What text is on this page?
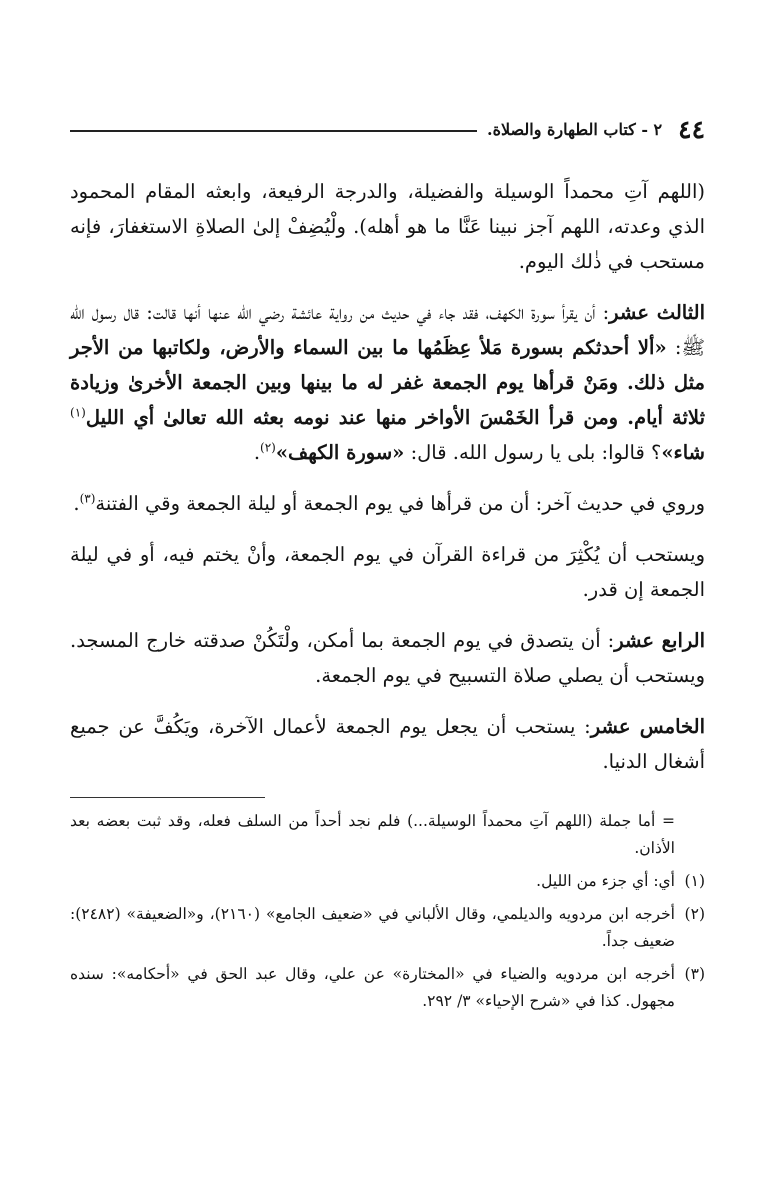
٤٤
٢ - كتاب الطهارة والصلاة.

(اللهم آتِ محمداً الوسيلة والفضيلة، والدرجة الرفيعة، وابعثه المقام المحمود الذي وعدته، اللهم آجز نبينا عَنَّا ما هو أهله). ولْيُضِفْ إلىٰ الصلاةِ الاستغفارَ، فإنه مستحب في ذٰلك اليوم.

الثالث عشر: أن يقرأ سورة الكهف، فقد جاء في حديث من رواية عائشة رضي الله عنها أنها قالت: قال رسول الله ﷺ: «ألا أحدثكم بسورة مَلأ عِظَمُها ما بين السماء والأرض، ولكاتبها من الأجر مثل ذلك. ومَنْ قرأها يوم الجمعة غفر له ما بينها وبين الجمعة الأخرىٰ وزيادة ثلاثة أيام. ومن قرأ الخَمْسَ الأواخر منها عند نومه بعثه الله تعالىٰ أي الليل$^{(١)}$ شاء»؟ قالوا: بلى يا رسول الله. قال: «سورة الكهف»$^{(٢)}$.

وروي في حديث آخر: أن من قرأها في يوم الجمعة أو ليلة الجمعة وقي الفتنة$^{(٣)}$.

ويستحب أن يُكْثِرَ من قراءة القرآن في يوم الجمعة، وأنْ يختم فيه، أو في ليلة الجمعة إن قدر.

الرابع عشر: أن يتصدق في يوم الجمعة بما أمكن، ولْتَكُنْ صدقته خارج المسجد. ويستحب أن يصلي صلاة التسبيح في يوم الجمعة.

الخامس عشر: يستحب أن يجعل يوم الجمعة لأعمال الآخرة، ويَكُفَّ عن جميع أشغال الدنيا.

= أما جملة (اللهم آتِ محمداً الوسيلة...) فلم نجد أحداً من السلف فعله، وقد ثبت بعضه بعد الأذان.
(١)
أي: أي جزء من الليل.
(٢)
أخرجه ابن مردويه والديلمي، وقال الألباني في «ضعيف الجامع» (٢١٦٠)، و«الضعيفة» (٢٤٨٢): ضعيف جداً.
(٣)
أخرجه ابن مردويه والضياء في «المختارة» عن علي، وقال عبد الحق في «أحكامه»: سنده مجهول. كذا في «شرح الإحياء» ٣/ ٢٩٢.
